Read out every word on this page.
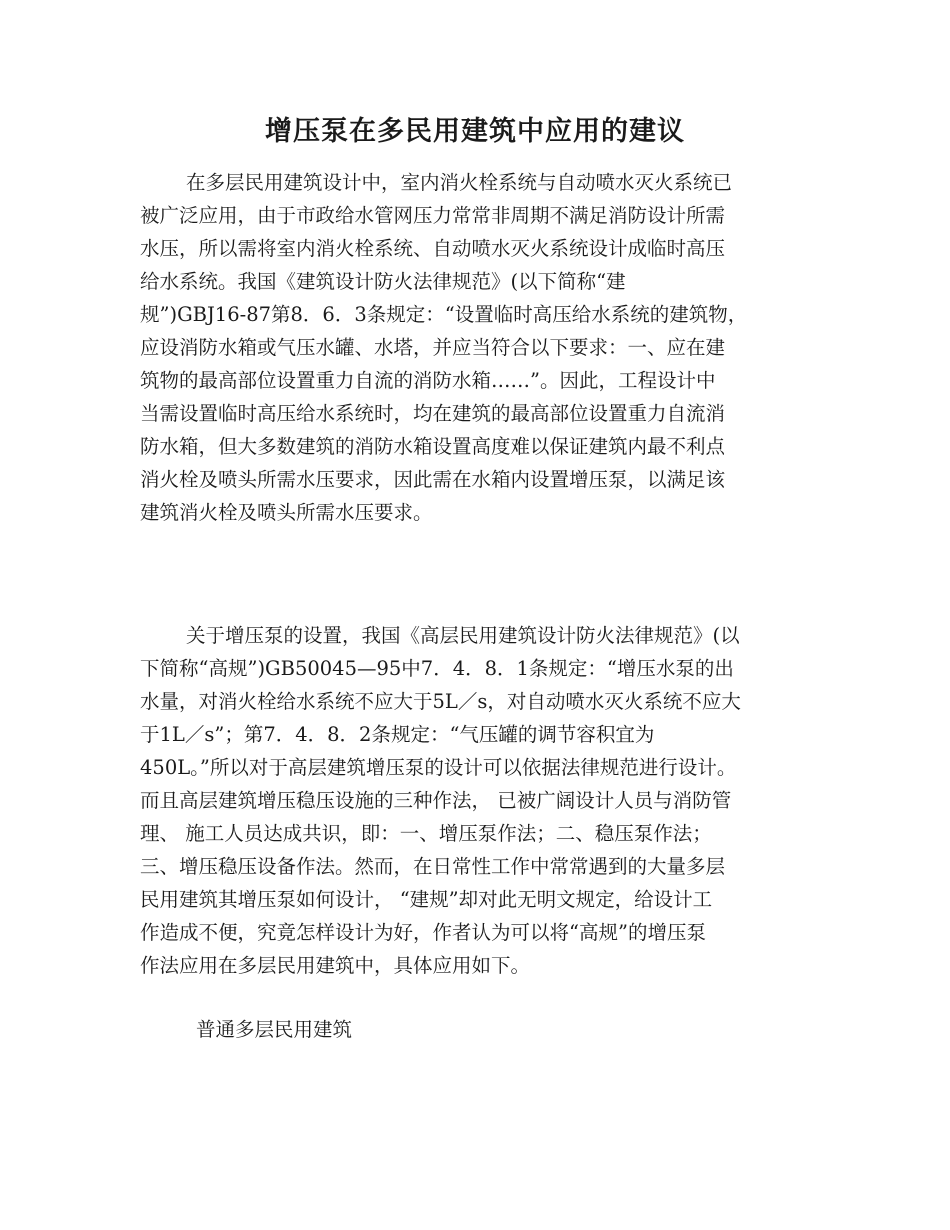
增压泵在多民用建筑中应用的建议
在多层民用建筑设计中，室内消火栓系统与自动喷水灭火系统已
被广泛应用，由于市政给水管网压力常常非周期不满足消防设计所需
水压，所以需将室内消火栓系统、自动喷水灭火系统设计成临时高压
给水系统。我国《建筑设计防火法律规范》(以下简称“建
规”)GBJ16-87第8．6．3条规定：“设置临时高压给水系统的建筑物，
应设消防水箱或气压水罐、水塔，并应当符合以下要求：一、应在建
筑物的最高部位设置重力自流的消防水箱……”。因此，工程设计中
当需设置临时高压给水系统时，均在建筑的最高部位设置重力自流消
防水箱，但大多数建筑的消防水箱设置高度难以保证建筑内最不利点
消火栓及喷头所需水压要求，因此需在水箱内设置增压泵，以满足该
建筑消火栓及喷头所需水压要求。
关于增压泵的设置，我国《高层民用建筑设计防火法律规范》(以
下简称“高规”)GB50045—95中7．4．8．1条规定：“增压水泵的出
水量，对消火栓给水系统不应大于5L／s，对自动喷水灭火系统不应大
于1L／s”；第7．4．8．2条规定：“气压罐的调节容积宜为
450L。”所以对于高层建筑增压泵的设计可以依据法律规范进行设计。
而且高层建筑增压稳压设施的三种作法， 已被广阔设计人员与消防管
理、 施工人员达成共识，即：一、增压泵作法；二、稳压泵作法；
三、增压稳压设备作法。然而，在日常性工作中常常遇到的大量多层
民用建筑其增压泵如何设计， “建规”却对此无明文规定，给设计工
作造成不便，究竟怎样设计为好，作者认为可以将“高规”的增压泵
作法应用在多层民用建筑中，具体应用如下。
普通多层民用建筑
